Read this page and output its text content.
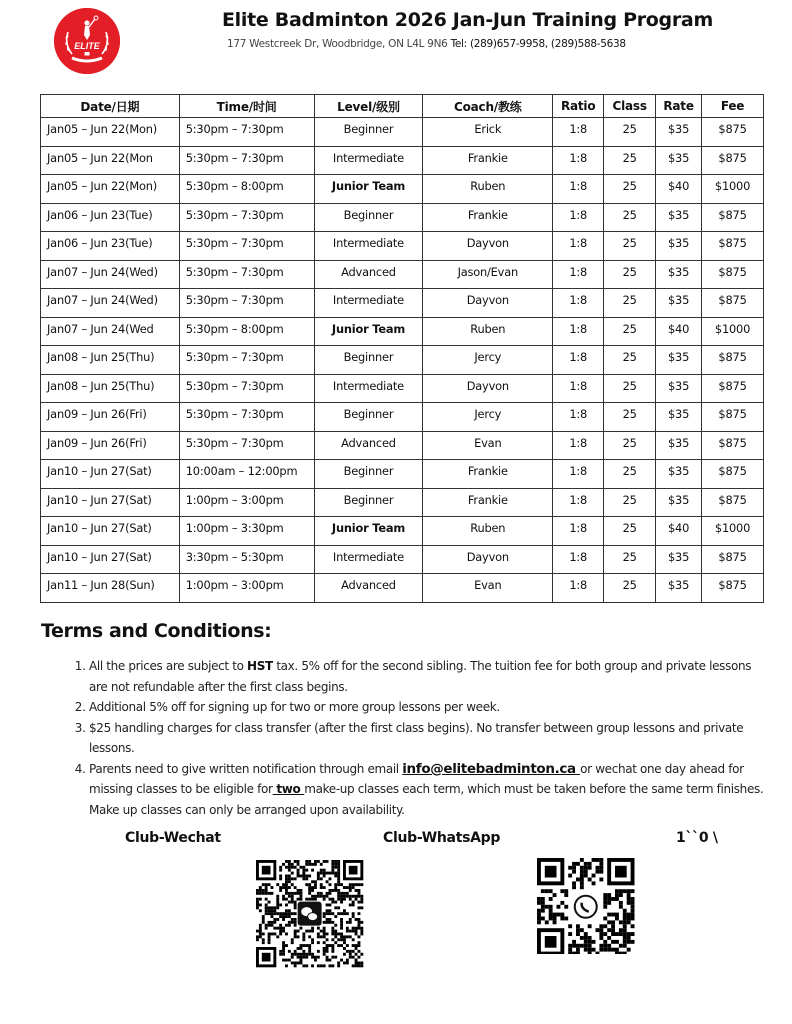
ELITE
Elite Badminton 2026 Jan-Jun Training Program
177 Westcreek Dr, Woodbridge, ON L4L 9N6 Tel: (289)657-9958, (289)588-5638
Date/日期	Time/时间	Level/级别	Coach/教练	Ratio	Class	Rate	Fee
Jan05 – Jun 22(Mon)	5:30pm – 7:30pm	Beginner	Erick	1:8	25	$35	$875
Jan05 – Jun 22(Mon	5:30pm – 7:30pm	Intermediate	Frankie	1:8	25	$35	$875
Jan05 – Jun 22(Mon)	5:30pm – 8:00pm	Junior Team	Ruben	1:8	25	$40	$1000
Jan06 – Jun 23(Tue)	5:30pm – 7:30pm	Beginner	Frankie	1:8	25	$35	$875
Jan06 – Jun 23(Tue)	5:30pm – 7:30pm	Intermediate	Dayvon	1:8	25	$35	$875
Jan07 – Jun 24(Wed)	5:30pm – 7:30pm	Advanced	Jason/Evan	1:8	25	$35	$875
Jan07 – Jun 24(Wed)	5:30pm – 7:30pm	Intermediate	Dayvon	1:8	25	$35	$875
Jan07 – Jun 24(Wed	5:30pm – 8:00pm	Junior Team	Ruben	1:8	25	$40	$1000
Jan08 – Jun 25(Thu)	5:30pm – 7:30pm	Beginner	Jercy	1:8	25	$35	$875
Jan08 – Jun 25(Thu)	5:30pm – 7:30pm	Intermediate	Dayvon	1:8	25	$35	$875
Jan09 – Jun 26(Fri)	5:30pm – 7:30pm	Beginner	Jercy	1:8	25	$35	$875
Jan09 – Jun 26(Fri)	5:30pm – 7:30pm	Advanced	Evan	1:8	25	$35	$875
Jan10 – Jun 27(Sat)	10:00am – 12:00pm	Beginner	Frankie	1:8	25	$35	$875
Jan10 – Jun 27(Sat)	1:00pm – 3:00pm	Beginner	Frankie	1:8	25	$35	$875
Jan10 – Jun 27(Sat)	1:00pm – 3:30pm	Junior Team	Ruben	1:8	25	$40	$1000
Jan10 – Jun 27(Sat)	3:30pm – 5:30pm	Intermediate	Dayvon	1:8	25	$35	$875
Jan11 – Jun 28(Sun)	1:00pm – 3:00pm	Advanced	Evan	1:8	25	$35	$875
Terms and Conditions:
1. All the prices are subject to HST tax. 5% off for the second sibling. The tuition fee for both group and private lessons are not refundable after the first class begins.
2. Additional 5% off for signing up for two or more group lessons per week.
3. $25 handling charges for class transfer (after the first class begins). No transfer between group lessons and private lessons.
4. Parents need to give written notification through email info@elitebadminton.ca or wechat one day ahead for missing classes to be eligible for two make-up classes each term, which must be taken before the same term finishes. Make up classes can only be arranged upon availability.
Club-Wechat	Club-WhatsApp	1``0 \
